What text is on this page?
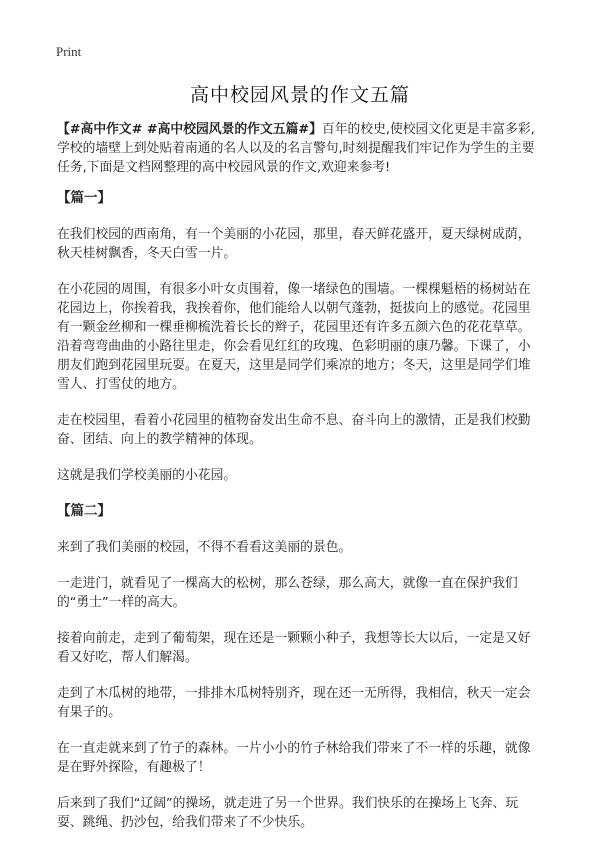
Print
高中校园风景的作文五篇

【#高中作文# #高中校园风景的作文五篇#】百年的校史,使校园文化更是丰富多彩,学校的墙壁上到处贴着南通的名人以及的名言警句,时刻提醒我们牢记作为学生的主要任务,下面是文档网整理的高中校园风景的作文,欢迎来参考!

【篇一】

在我们校园的西南角，有一个美丽的小花园，那里，春天鲜花盛开，夏天绿树成荫，秋天桂树飘香，冬天白雪一片。

在小花园的周围，有很多小叶女贞围着，像一堵绿色的围墙。一棵棵魁梧的杨树站在花园边上，你挨着我，我挨着你，他们能给人以朝气蓬勃，挺拔向上的感觉。花园里有一颗金丝柳和一棵垂柳梳洗着长长的辫子，花园里还有许多五颜六色的花花草草。沿着弯弯曲曲的小路往里走，你会看见红红的玫瑰、色彩明丽的康乃馨。下课了，小朋友们跑到花园里玩耍。在夏天，这里是同学们乘凉的地方；冬天，这里是同学们堆雪人、打雪仗的地方。

走在校园里，看着小花园里的植物奋发出生命不息、奋斗向上的激情，正是我们校勤奋、团结、向上的教学精神的体现。

这就是我们学校美丽的小花园。

【篇二】

来到了我们美丽的校园，不得不看看这美丽的景色。

一走进门，就看见了一棵高大的松树，那么苍绿，那么高大，就像一直在保护我们的“勇士”一样的高大。

接着向前走，走到了葡萄架，现在还是一颗颗小种子，我想等长大以后，一定是又好看又好吃，帮人们解渴。

走到了木瓜树的地带，一排排木瓜树特别齐，现在还一无所得，我相信，秋天一定会有果子的。

在一直走就来到了竹子的森林。一片小小的竹子林给我们带来了不一样的乐趣，就像是在野外探险，有趣极了！

后来到了我们“辽阔”的操场，就走进了另一个世界。我们快乐的在操场上飞奔、玩耍、跳绳、扔沙包，给我们带来了不少快乐。
